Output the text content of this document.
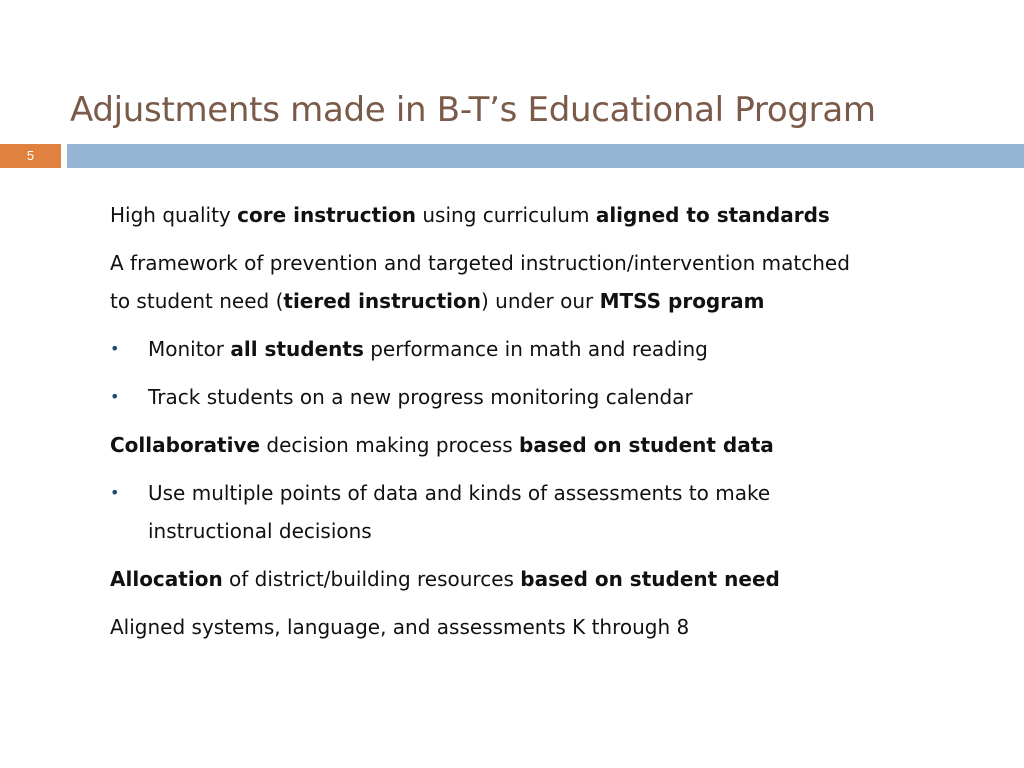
Adjustments made in B-T’s Educational Program
5
High quality core instruction using curriculum aligned to standards
A framework of prevention and targeted instruction/intervention matched
to student need (tiered instruction) under our MTSS program
• Monitor all students performance in math and reading
• Track students on a new progress monitoring calendar
Collaborative decision making process based on student data
• Use multiple points of data and kinds of assessments to make
instructional decisions
Allocation of district/building resources based on student need
Aligned systems, language, and assessments K through 8
